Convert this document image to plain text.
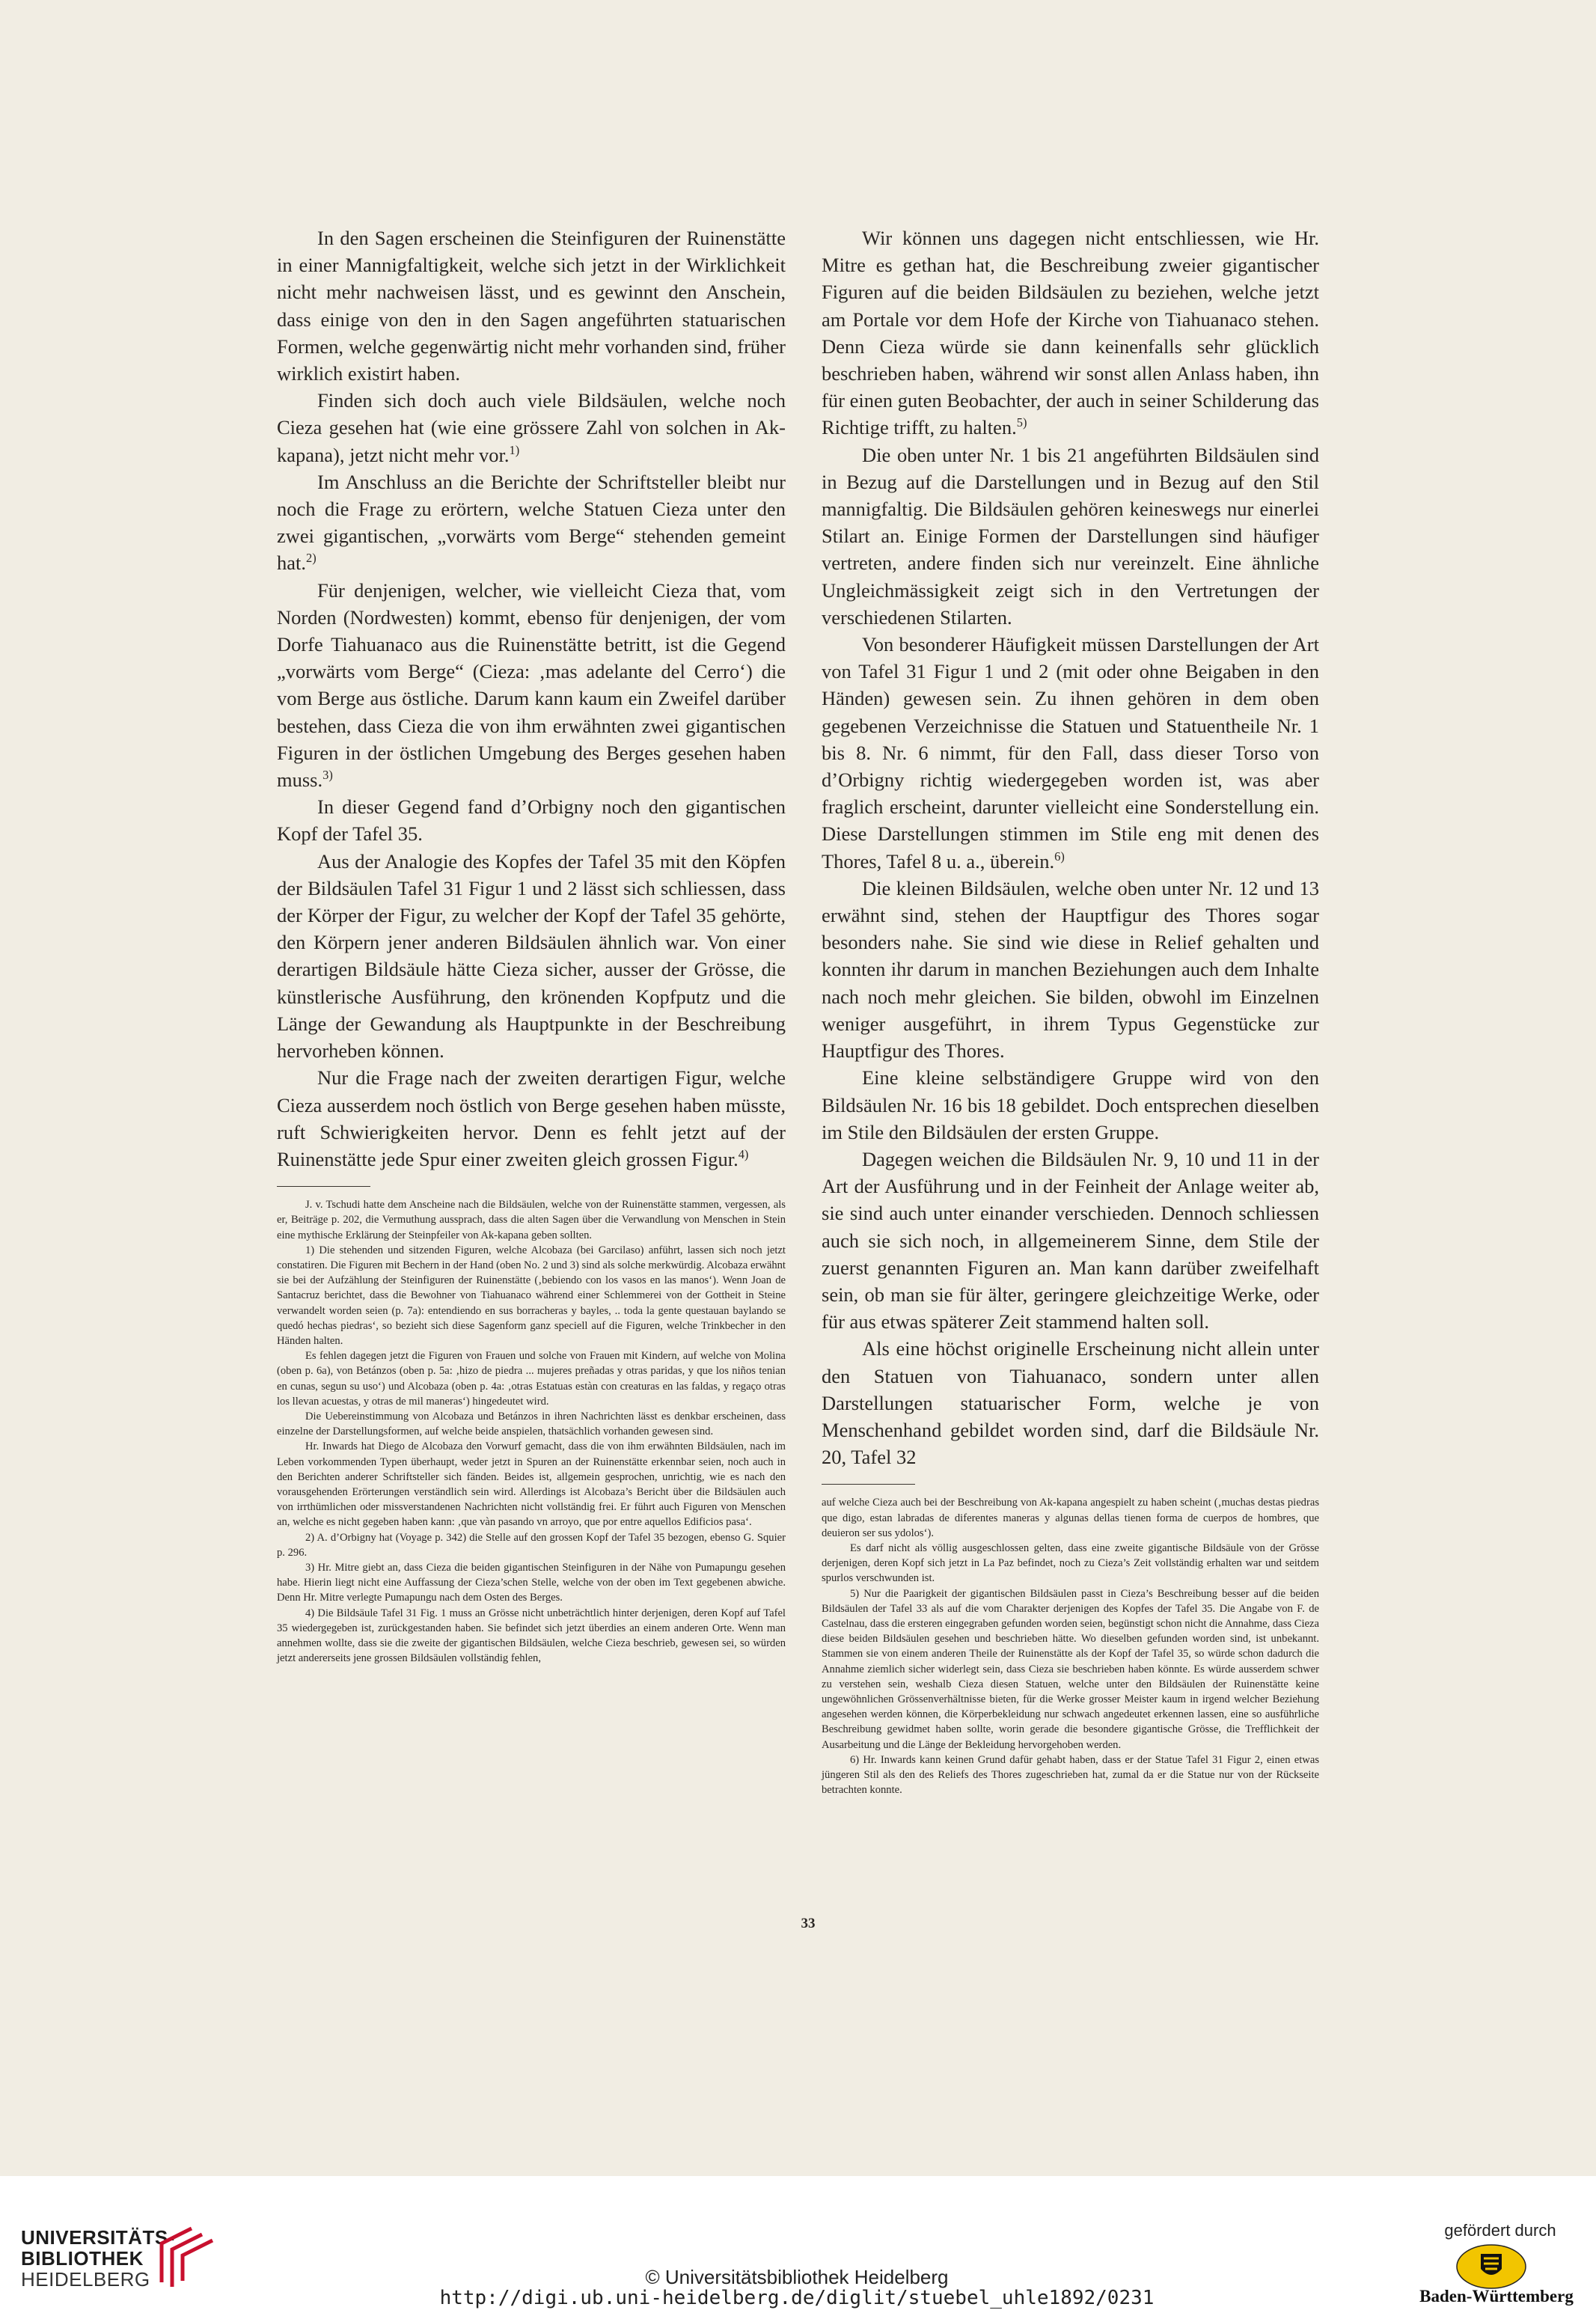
In den Sagen erscheinen die Steinfiguren der Ruinenstätte in einer Mannigfaltigkeit, welche sich jetzt in der Wirklichkeit nicht mehr nachweisen lässt, und es gewinnt den Anschein, dass einige von den in den Sagen angeführten statuarischen Formen, welche gegenwärtig nicht mehr vorhanden sind, früher wirklich existirt haben.

Finden sich doch auch viele Bildsäulen, welche noch Cieza gesehen hat (wie eine grössere Zahl von solchen in Ak-kapana), jetzt nicht mehr vor.$^{1)}$

Im Anschluss an die Berichte der Schriftsteller bleibt nur noch die Frage zu erörtern, welche Statuen Cieza unter den zwei gigantischen, „vorwärts vom Berge“ stehenden gemeint hat.$^{2)}$

Für denjenigen, welcher, wie vielleicht Cieza that, vom Norden (Nordwesten) kommt, ebenso für denjenigen, der vom Dorfe Tiahuanaco aus die Ruinenstätte betritt, ist die Gegend „vorwärts vom Berge“ (Cieza: ‚mas adelante del Cerro‘) die vom Berge aus östliche. Darum kann kaum ein Zweifel darüber bestehen, dass Cieza die von ihm erwähnten zwei gigantischen Figuren in der östlichen Umgebung des Berges gesehen haben muss.$^{3)}$

In dieser Gegend fand d’Orbigny noch den gigantischen Kopf der Tafel 35.

Aus der Analogie des Kopfes der Tafel 35 mit den Köpfen der Bildsäulen Tafel 31 Figur 1 und 2 lässt sich schliessen, dass der Körper der Figur, zu welcher der Kopf der Tafel 35 gehörte, den Körpern jener anderen Bildsäulen ähnlich war. Von einer derartigen Bildsäule hätte Cieza sicher, ausser der Grösse, die künstlerische Ausführung, den krönenden Kopfputz und die Länge der Gewandung als Hauptpunkte in der Beschreibung hervorheben können.

Nur die Frage nach der zweiten derartigen Figur, welche Cieza ausserdem noch östlich von Berge gesehen haben müsste, ruft Schwierigkeiten hervor. Denn es fehlt jetzt auf der Ruinenstätte jede Spur einer zweiten gleich grossen Figur.$^{4)}$

J. v. Tschudi hatte dem Anscheine nach die Bildsäulen, welche von der Ruinenstätte stammen, vergessen, als er, Beiträge p. 202, die Vermuthung aussprach, dass die alten Sagen über die Verwandlung von Menschen in Stein eine mythische Erklärung der Steinpfeiler von Ak-kapana geben sollten.

1) Die stehenden und sitzenden Figuren, welche Alcobaza (bei Garcilaso) anführt, lassen sich noch jetzt constatiren. Die Figuren mit Bechern in der Hand (oben No. 2 und 3) sind als solche merkwürdig. Alcobaza erwähnt sie bei der Aufzählung der Steinfiguren der Ruinenstätte (‚bebiendo con los vasos en las manos‘). Wenn Joan de Santacruz berichtet, dass die Bewohner von Tiahuanaco während einer Schlemmerei von der Gottheit in Steine verwandelt worden seien (p. 7a): entendiendo en sus borracheras y bayles, .. toda la gente questauan baylando se quedó hechas piedras‘, so bezieht sich diese Sagenform ganz speciell auf die Figuren, welche Trinkbecher in den Händen halten.

Es fehlen dagegen jetzt die Figuren von Frauen und solche von Frauen mit Kindern, auf welche von Molina (oben p. 6a), von Betánzos (oben p. 5a: ‚hizo de piedra ... mujeres preñadas y otras paridas, y que los niños tenian en cunas, segun su uso‘) und Alcobaza (oben p. 4a: ‚otras Estatuas estàn con creaturas en las faldas, y regaço otras los llevan acuestas, y otras de mil maneras‘) hingedeutet wird.

Die Uebereinstimmung von Alcobaza und Betánzos in ihren Nachrichten lässt es denkbar erscheinen, dass einzelne der Darstellungsformen, auf welche beide anspielen, thatsächlich vorhanden gewesen sind.

Hr. Inwards hat Diego de Alcobaza den Vorwurf gemacht, dass die von ihm erwähnten Bildsäulen, nach im Leben vorkommenden Typen überhaupt, weder jetzt in Spuren an der Ruinenstätte erkennbar seien, noch auch in den Berichten anderer Schriftsteller sich fänden. Beides ist, allgemein gesprochen, unrichtig, wie es nach den vorausgehenden Erörterungen verständlich sein wird. Allerdings ist Alcobaza’s Bericht über die Bildsäulen auch von irrthümlichen oder missverstandenen Nachrichten nicht vollständig frei. Er führt auch Figuren von Menschen an, welche es nicht gegeben haben kann: ‚que vàn pasando vn arroyo, que por entre aquellos Edificios pasa‘.

2) A. d’Orbigny hat (Voyage p. 342) die Stelle auf den grossen Kopf der Tafel 35 bezogen, ebenso G. Squier p. 296.

3) Hr. Mitre giebt an, dass Cieza die beiden gigantischen Steinfiguren in der Nähe von Pumapungu gesehen habe. Hierin liegt nicht eine Auffassung der Cieza’schen Stelle, welche von der oben im Text gegebenen abwiche. Denn Hr. Mitre verlegte Pumapungu nach dem Osten des Berges.

4) Die Bildsäule Tafel 31 Fig. 1 muss an Grösse nicht unbeträchtlich hinter derjenigen, deren Kopf auf Tafel 35 wiedergegeben ist, zurückgestanden haben. Sie befindet sich jetzt überdies an einem anderen Orte. Wenn man annehmen wollte, dass sie die zweite der gigantischen Bildsäulen, welche Cieza beschrieb, gewesen sei, so würden jetzt andererseits jene grossen Bildsäulen vollständig fehlen,

Wir können uns dagegen nicht entschliessen, wie Hr. Mitre es gethan hat, die Beschreibung zweier gigantischer Figuren auf die beiden Bildsäulen zu beziehen, welche jetzt am Portale vor dem Hofe der Kirche von Tiahuanaco stehen. Denn Cieza würde sie dann keinenfalls sehr glücklich beschrieben haben, während wir sonst allen Anlass haben, ihn für einen guten Beobachter, der auch in seiner Schilderung das Richtige trifft, zu halten.$^{5)}$

Die oben unter Nr. 1 bis 21 angeführten Bildsäulen sind in Bezug auf die Darstellungen und in Bezug auf den Stil mannigfaltig. Die Bildsäulen gehören keineswegs nur einerlei Stilart an. Einige Formen der Darstellungen sind häufiger vertreten, andere finden sich nur vereinzelt. Eine ähnliche Ungleichmässigkeit zeigt sich in den Vertretungen der verschiedenen Stilarten.

Von besonderer Häufigkeit müssen Darstellungen der Art von Tafel 31 Figur 1 und 2 (mit oder ohne Beigaben in den Händen) gewesen sein. Zu ihnen gehören in dem oben gegebenen Verzeichnisse die Statuen und Statuentheile Nr. 1 bis 8. Nr. 6 nimmt, für den Fall, dass dieser Torso von d’Orbigny richtig wiedergegeben worden ist, was aber fraglich erscheint, darunter vielleicht eine Sonderstellung ein. Diese Darstellungen stimmen im Stile eng mit denen des Thores, Tafel 8 u. a., überein.$^{6)}$

Die kleinen Bildsäulen, welche oben unter Nr. 12 und 13 erwähnt sind, stehen der Hauptfigur des Thores sogar besonders nahe. Sie sind wie diese in Relief gehalten und konnten ihr darum in manchen Beziehungen auch dem Inhalte nach noch mehr gleichen. Sie bilden, obwohl im Einzelnen weniger ausgeführt, in ihrem Typus Gegenstücke zur Hauptfigur des Thores.

Eine kleine selbständigere Gruppe wird von den Bildsäulen Nr. 16 bis 18 gebildet. Doch entsprechen dieselben im Stile den Bildsäulen der ersten Gruppe.

Dagegen weichen die Bildsäulen Nr. 9, 10 und 11 in der Art der Ausführung und in der Feinheit der Anlage weiter ab, sie sind auch unter einander verschieden. Dennoch schliessen auch sie sich noch, in allgemeinerem Sinne, dem Stile der zuerst genannten Figuren an. Man kann darüber zweifelhaft sein, ob man sie für älter, geringere gleichzeitige Werke, oder für aus etwas späterer Zeit stammend halten soll.

Als eine höchst originelle Erscheinung nicht allein unter den Statuen von Tiahuanaco, sondern unter allen Darstellungen statuarischer Form, welche je von Menschenhand gebildet worden sind, darf die Bildsäule Nr. 20, Tafel 32

auf welche Cieza auch bei der Beschreibung von Ak-kapana angespielt zu haben scheint (‚muchas destas piedras que digo, estan labradas de diferentes maneras y algunas dellas tienen forma de cuerpos de hombres, que deuieron ser sus ydolos‘).

Es darf nicht als völlig ausgeschlossen gelten, dass eine zweite gigantische Bildsäule von der Grösse derjenigen, deren Kopf sich jetzt in La Paz befindet, noch zu Cieza’s Zeit vollständig erhalten war und seitdem spurlos verschwunden ist.

5) Nur die Paarigkeit der gigantischen Bildsäulen passt in Cieza’s Beschreibung besser auf die beiden Bildsäulen der Tafel 33 als auf die vom Charakter derjenigen des Kopfes der Tafel 35. Die Angabe von F. de Castelnau, dass die ersteren eingegraben gefunden worden seien, begünstigt schon nicht die Annahme, dass Cieza diese beiden Bildsäulen gesehen und beschrieben hätte. Wo dieselben gefunden worden sind, ist unbekannt. Stammen sie von einem anderen Theile der Ruinenstätte als der Kopf der Tafel 35, so würde schon dadurch die Annahme ziemlich sicher widerlegt sein, dass Cieza sie beschrieben haben könnte. Es würde ausserdem schwer zu verstehen sein, weshalb Cieza diesen Statuen, welche unter den Bildsäulen der Ruinenstätte keine ungewöhnlichen Grössenverhältnisse bieten, für die Werke grosser Meister kaum in irgend welcher Beziehung angesehen werden können, die Körperbekleidung nur schwach angedeutet erkennen lassen, eine so ausführliche Beschreibung gewidmet haben sollte, worin gerade die besondere gigantische Grösse, die Trefflichkeit der Ausarbeitung und die Länge der Bekleidung hervorgehoben werden.

6) Hr. Inwards kann keinen Grund dafür gehabt haben, dass er der Statue Tafel 31 Figur 2, einen etwas jüngeren Stil als den des Reliefs des Thores zugeschrieben hat, zumal da er die Statue nur von der Rückseite betrachten konnte.

33
UNIVERSITÄTS-
BIBLIOTHEK
HEIDELBERG	© Universitätsbibliothek Heidelberg
http://digi.ub.uni-heidelberg.de/diglit/stuebel_uhle1892/0231
gefördert durch
Baden-Württemberg
